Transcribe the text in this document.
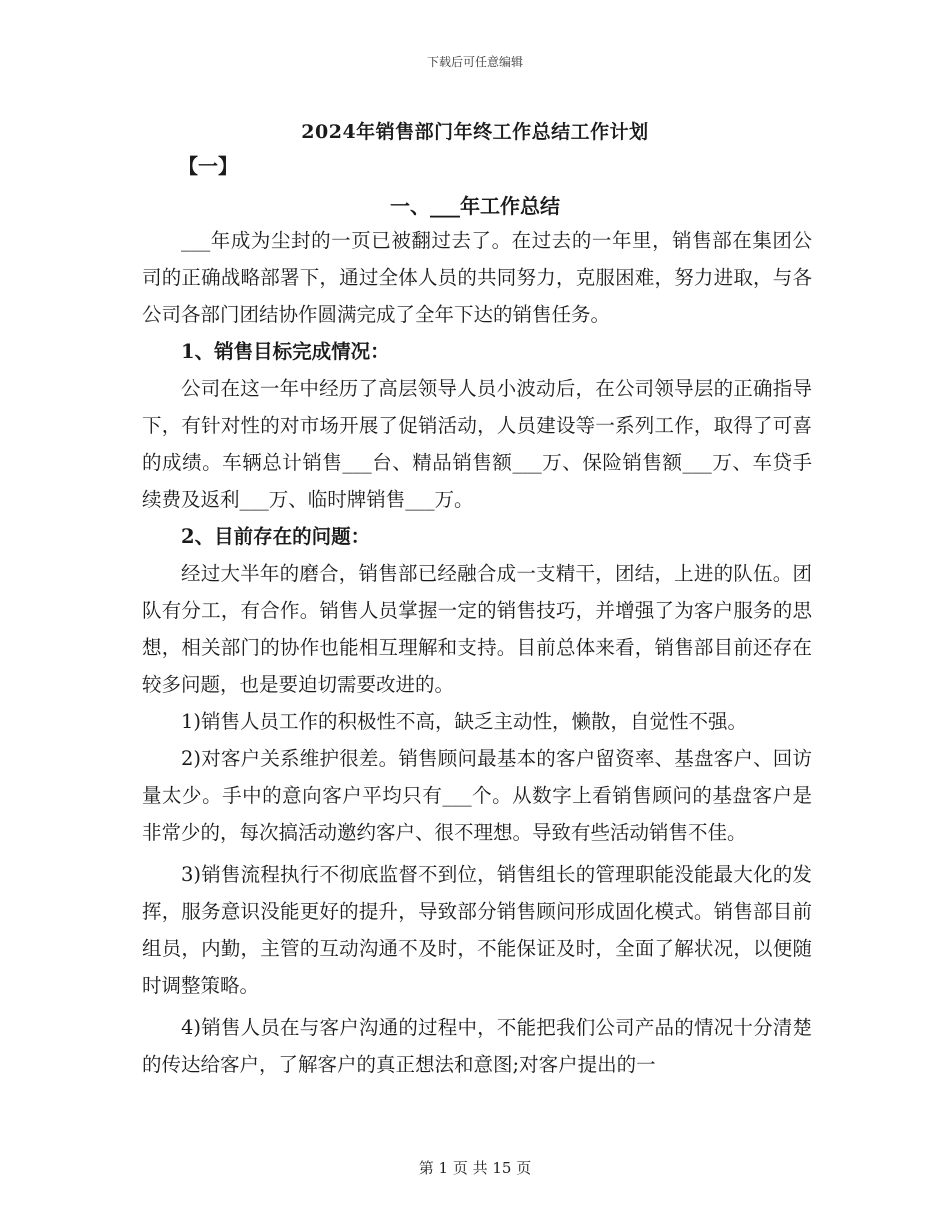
下载后可任意编辑
2024年销售部门年终工作总结工作计划
【一】
一、___年工作总结

___年成为尘封的一页已被翻过去了。在过去的一年里，销售部在集团公司的正确战略部署下，通过全体人员的共同努力，克服困难，努力进取，与各公司各部门团结协作圆满完成了全年下达的销售任务。

1、销售目标完成情况：

公司在这一年中经历了高层领导人员小波动后，在公司领导层的正确指导下，有针对性的对市场开展了促销活动，人员建设等一系列工作，取得了可喜的成绩。车辆总计销售___台、精品销售额___万、保险销售额___万、车贷手续费及返利___万、临时牌销售___万。

2、目前存在的问题：

经过大半年的磨合，销售部已经融合成一支精干，团结，上进的队伍。团队有分工，有合作。销售人员掌握一定的销售技巧，并增强了为客户服务的思想，相关部门的协作也能相互理解和支持。目前总体来看，销售部目前还存在较多问题，也是要迫切需要改进的。

1)销售人员工作的积极性不高，缺乏主动性，懒散，自觉性不强。

2)对客户关系维护很差。销售顾问最基本的客户留资率、基盘客户、回访量太少。手中的意向客户平均只有___个。从数字上看销售顾问的基盘客户是非常少的，每次搞活动邀约客户、很不理想。导致有些活动销售不佳。

3)销售流程执行不彻底监督不到位，销售组长的管理职能没能最大化的发挥，服务意识没能更好的提升，导致部分销售顾问形成固化模式。销售部目前组员，内勤，主管的互动沟通不及时，不能保证及时，全面了解状况，以便随时调整策略。

4)销售人员在与客户沟通的过程中，不能把我们公司产品的情况十分清楚的传达给客户，了解客户的真正想法和意图;对客户提出的一

第 1 页 共 15 页
